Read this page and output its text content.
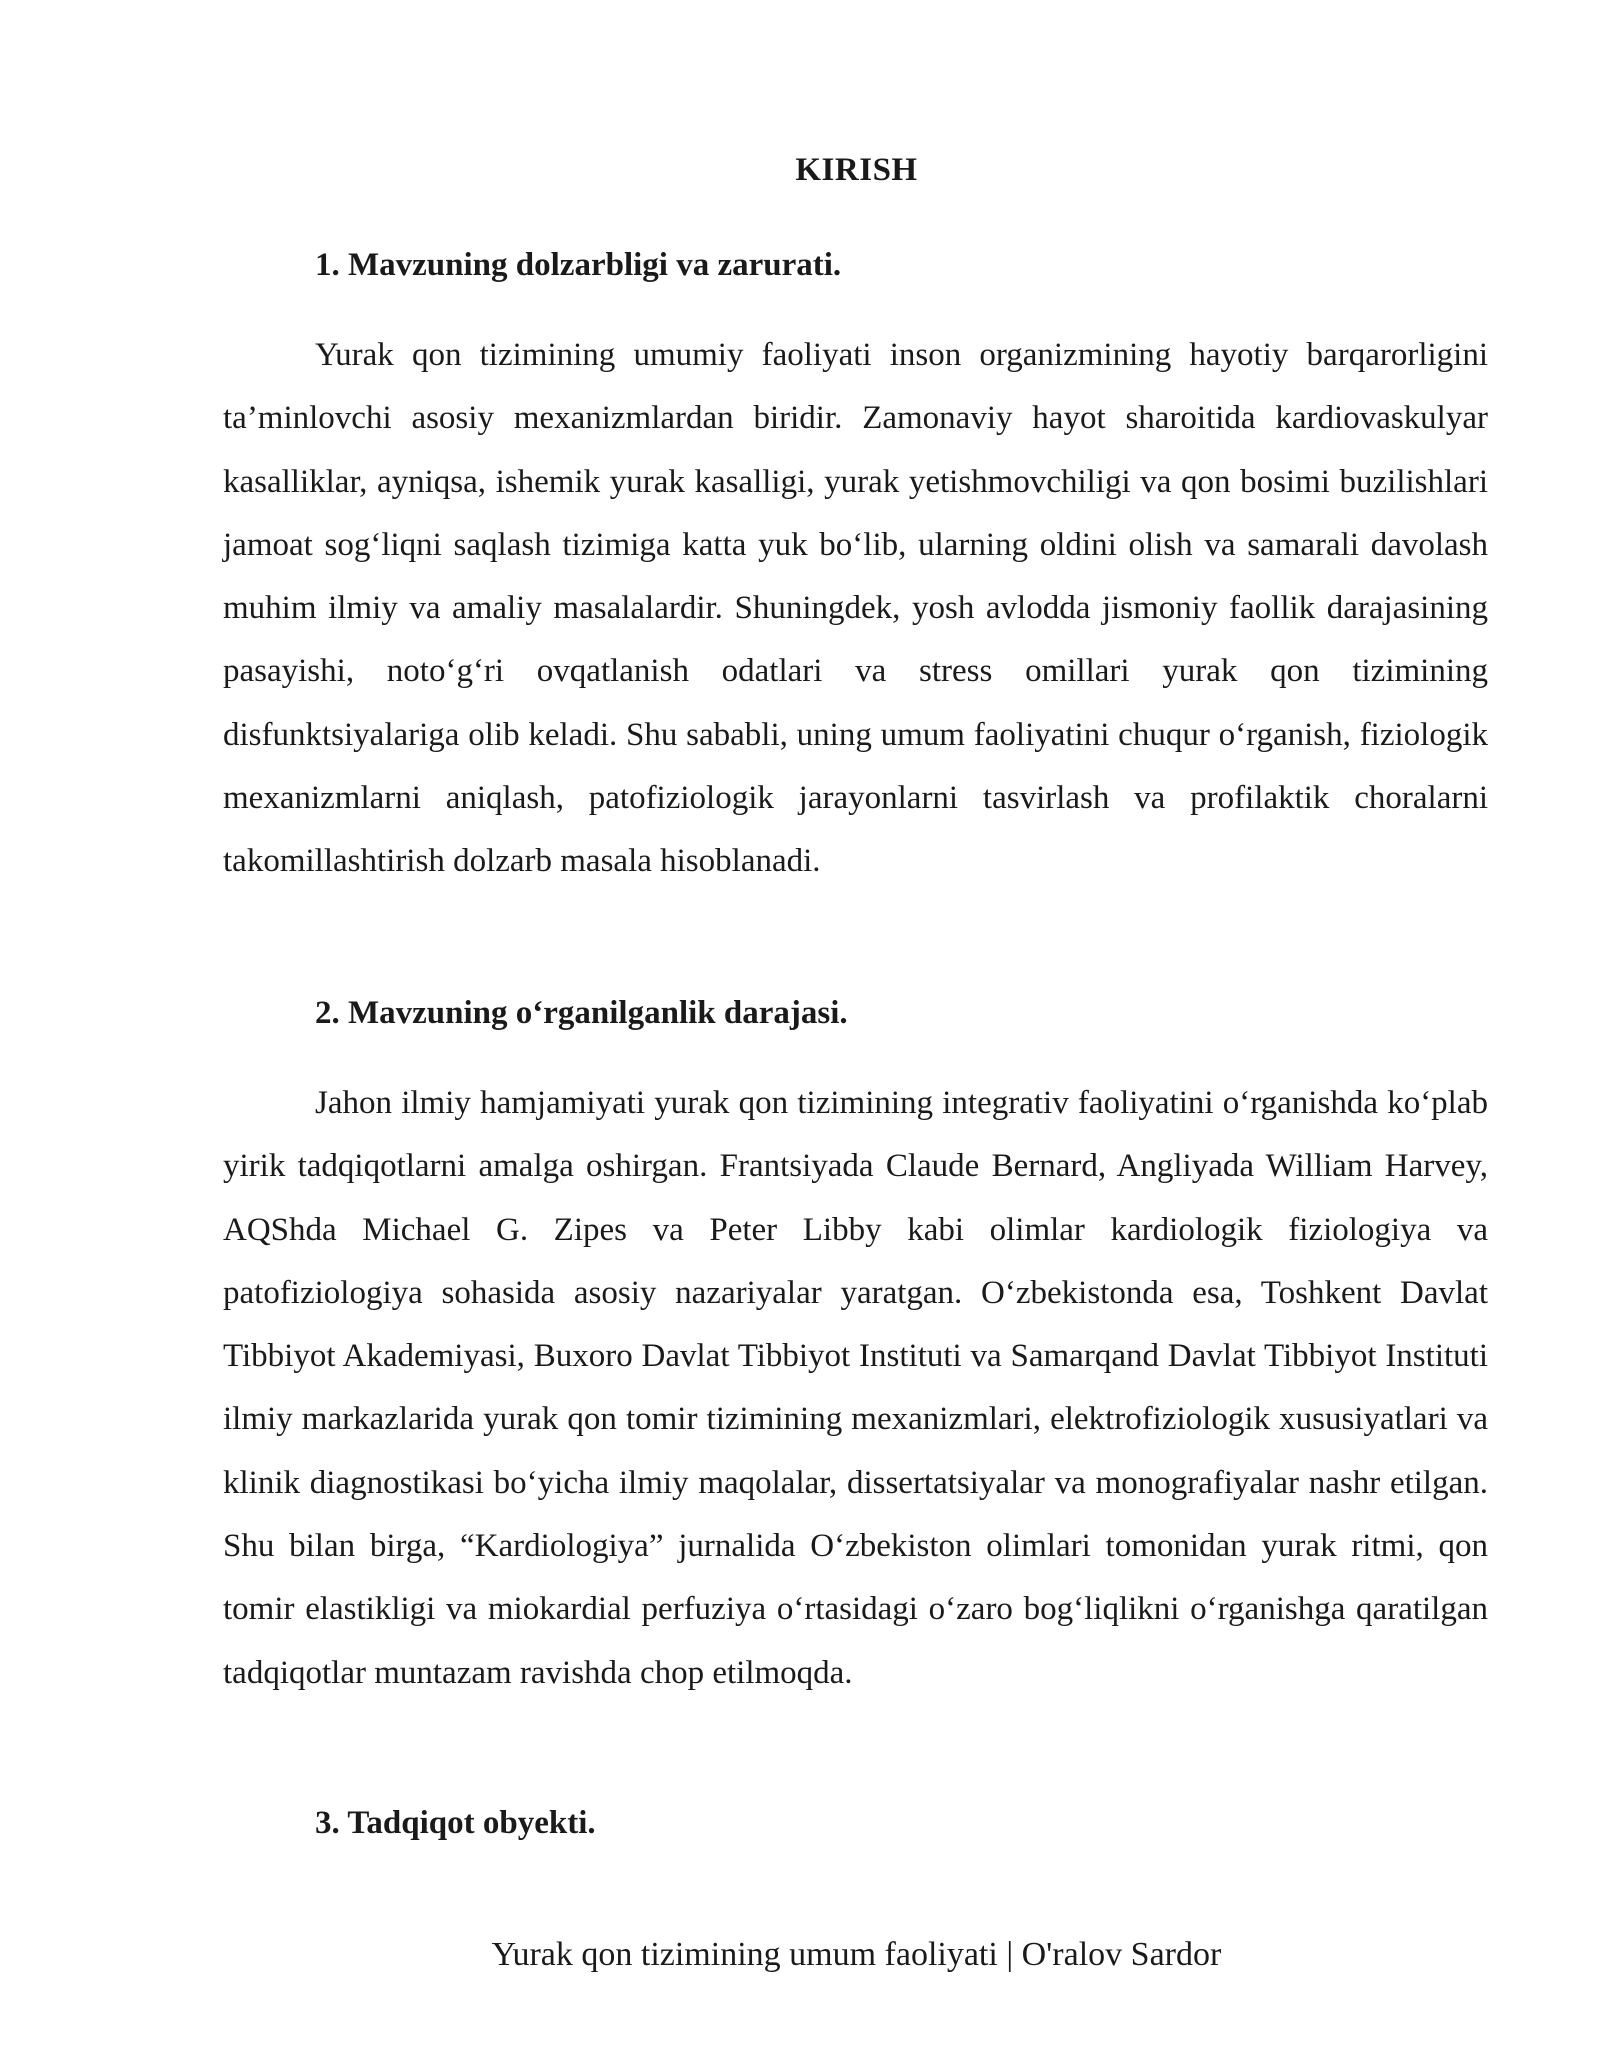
KIRISH
1. Mavzuning dolzarbligi va zarurati.
Yurak qon tizimining umumiy faoliyati inson organizmining hayotiy barqarorligini ta’minlovchi asosiy mexanizmlardan biridir. Zamonaviy hayot sharoitida kardiovaskulyar kasalliklar, ayniqsa, ishemik yurak kasalligi, yurak yetishmovchiligi va qon bosimi buzilishlari jamoat sog‘liqni saqlash tizimiga katta yuk bo‘lib, ularning oldini olish va samarali davolash muhim ilmiy va amaliy masalalardir. Shuningdek, yosh avlodda jismoniy faollik darajasining pasayishi, noto‘g‘ri ovqatlanish odatlari va stress omillari yurak qon tizimining disfunktsiyalariga olib keladi. Shu sababli, uning umum faoliyatini chuqur o‘rganish, fiziologik mexanizmlarni aniqlash, patofiziologik jarayonlarni tasvirlash va profilaktik choralarni takomillashtirish dolzarb masala hisoblanadi.
2. Mavzuning o‘rganilganlik darajasi.
Jahon ilmiy hamjamiyati yurak qon tizimining integrativ faoliyatini o‘rganishda ko‘plab yirik tadqiqotlarni amalga oshirgan. Frantsiyada Claude Bernard, Angliyada William Harvey, AQShda Michael G. Zipes va Peter Libby kabi olimlar kardiologik fiziologiya va patofiziologiya sohasida asosiy nazariyalar yaratgan. O‘zbekistonda esa, Toshkent Davlat Tibbiyot Akademiyasi, Buxoro Davlat Tibbiyot Instituti va Samarqand Davlat Tibbiyot Instituti ilmiy markazlarida yurak qon tomir tizimining mexanizmlari, elektrofiziologik xususiyatlari va klinik diagnostikasi bo‘yicha ilmiy maqolalar, dissertatsiyalar va monografiyalar nashr etilgan. Shu bilan birga, “Kardiologiya” jurnalida O‘zbekiston olimlari tomonidan yurak ritmi, qon tomir elastikligi va miokardial perfuziya o‘rtasidagi o‘zaro bog‘liqlikni o‘rganishga qaratilgan tadqiqotlar muntazam ravishda chop etilmoqda.
3. Tadqiqot obyekti.
Yurak qon tizimining umum faoliyati | O'ralov Sardor
